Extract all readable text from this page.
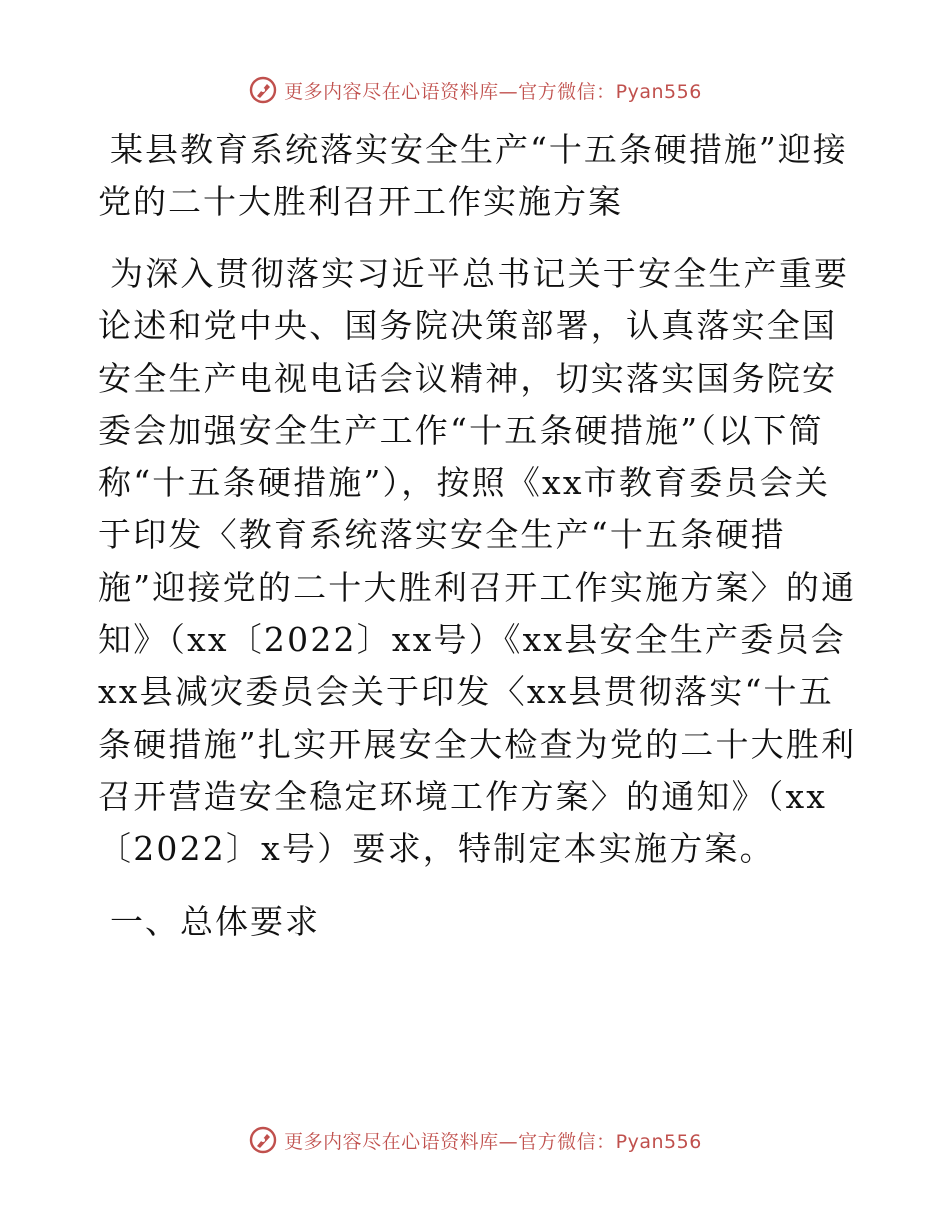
更多内容尽在心语资料库—官方微信：Pyan556
某县教育系统落实安全生产“十五条硬措施”迎接党的二十大胜利召开工作实施方案

为深入贯彻落实习近平总书记关于安全生产重要论述和党中央、国务院决策部署，认真落实全国安全生产电视电话会议精神，切实落实国务院安委会加强安全生产工作“十五条硬措施”（以下简称“十五条硬措施”），按照《xx市教育委员会关于印发〈教育系统落实安全生产“十五条硬措施”迎接党的二十大胜利召开工作实施方案〉的通知》（xx〔2022〕xx号）《xx县安全生产委员会xx县减灾委员会关于印发〈xx县贯彻落实“十五条硬措施”扎实开展安全大检查为党的二十大胜利召开营造安全稳定环境工作方案〉的通知》（xx〔2022〕x号）要求，特制定本实施方案。

一、总体要求
更多内容尽在心语资料库—官方微信：Pyan556
